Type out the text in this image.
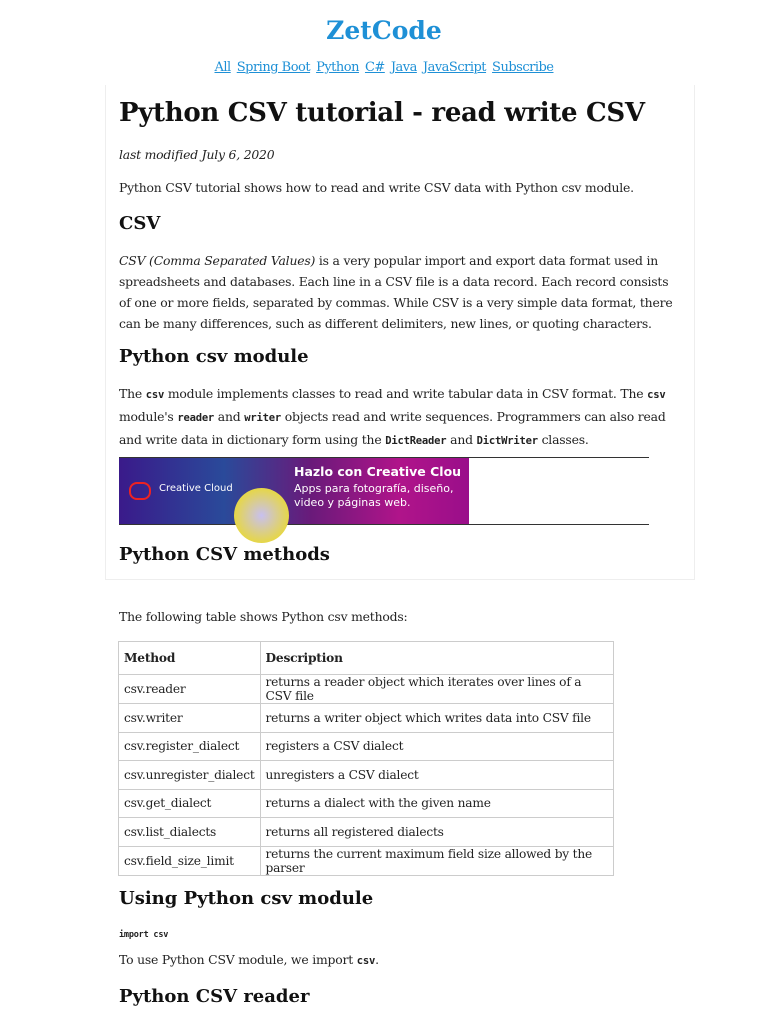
ZetCode
All Spring Boot Python C# Java JavaScript Subscribe
Python CSV tutorial - read write CSV

last modified July 6, 2020

Python CSV tutorial shows how to read and write CSV data with Python csv module.

CSV

CSV (Comma Separated Values) is a very popular import and export data format used in spreadsheets and databases. Each line in a CSV file is a data record. Each record consists of one or more fields, separated by commas. While CSV is a very simple data format, there can be many differences, such as different delimiters, new lines, or quoting characters.

Python csv module

The csv module implements classes to read and write tabular data in CSV format. The csv module's reader and writer objects read and write sequences. Programmers can also read and write data in dictionary form using the DictReader and DictWriter classes.

Creative Cloud
Hazlo con Creative Clou
Apps para fotografía, diseño, video y páginas web.
Python CSV methods

The following table shows Python csv methods:

Method	Description
csv.reader	returns a reader object which iterates over lines of a CSV file
csv.writer	returns a writer object which writes data into CSV file
csv.register_dialect	registers a CSV dialect
csv.unregister_dialect	unregisters a CSV dialect
csv.get_dialect	returns a dialect with the given name
csv.list_dialects	returns all registered dialects
csv.field_size_limit	returns the current maximum field size allowed by the parser
Using Python csv module

import csv

To use Python CSV module, we import csv.

Python CSV reader
